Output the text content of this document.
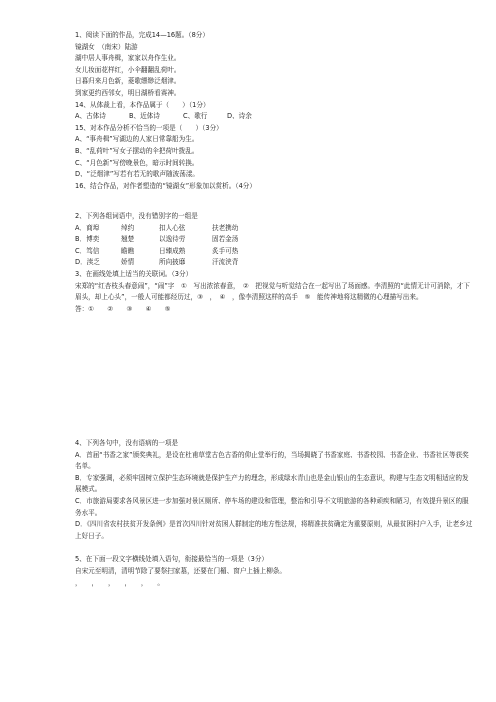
1、阅读下面的作品，完成14—16题。（8分）
镜湖女　（南宋）陆游
湖中居人事舟楫，家家以舟作生业。
女儿妆面花样红，小伞翻翻乱荷叶。
日暮归来月色新，菱歌缥缈泛烟津。
到家更约西邻女，明日湖桥看赛神。
14、从体裁上看，本作品属于（　　）（1分）
A、古体诗	B、近体诗	C、歌行	D、诗余
15、对本作品分析不恰当的一项是（　　）（3分）
A、“事舟楫”写湖边的人家日常靠船为生。
B、“乱荷叶”写女子摆动的伞把荷叶拨乱。
C、“月色新”写傍晚景色，暗示时间转换。
D、“泛烟津”写若有若无的歌声随波荡漾。
16、结合作品，对作者塑造的“镜湖女”形象加以赏析。（4分）
2、下列各组词语中，没有错别字的一组是
A．商埠	绰约	扣人心弦	扶老携幼
B．博奕	翘楚	以逸待劳	固若金汤
C．笃信	瞻瞧	日臻成熟	炙手可热
D．渎乏	娇情	所向披靡	汗流浃背
3、在画线处填上适当的关联词。（3分）
宋郑的“红杏枝头春意闹”，“闹”字　①　写出浓浓春意，　②　把视觉与听觉结合在一起写出了场面感。李清照的“此情无计可消除，才下眉头，却上心头”，一般人可能都经历过，③　，　④　，像李清照这样的高手　⑤　能传神地将这精微的心理描写出来。
答：①　　②　　③　　④　　⑤
4、下列各句中，没有语病的一项是
A．首届“书香之家”颁奖典礼，是设在杜甫草堂古色古香的仰止堂举行的，当场揭晓了书香家庭、书香校园、书香企业、书香社区等获奖名单。
B．专家强调，必须牢固树立保护生态环境就是保护生产力的理念，形成绿水青山也是金山银山的生态意识，构建与生态文明相适应的发展模式。
C．市旅游局要求各风景区进一步加强对景区厕所、停车场的建设和管理，整治和引导不文明旅游的各种顽疾和陋习，有效提升景区的服务水平。
D．《四川省农村扶贫开发条例》是首次四川针对贫困人群制定的地方性法规，将精准扶贫确定为重要原则，从最贫困村户入手，让老乡过上好日子。
5、在下面一段文字横线处填入语句，衔接最恰当的一项是（3分）
自宋元至明清，清明节除了要祭扫家墓，还要在门楣、窗户上插上柳条。
，　　，　　，　　，　　，　　。
